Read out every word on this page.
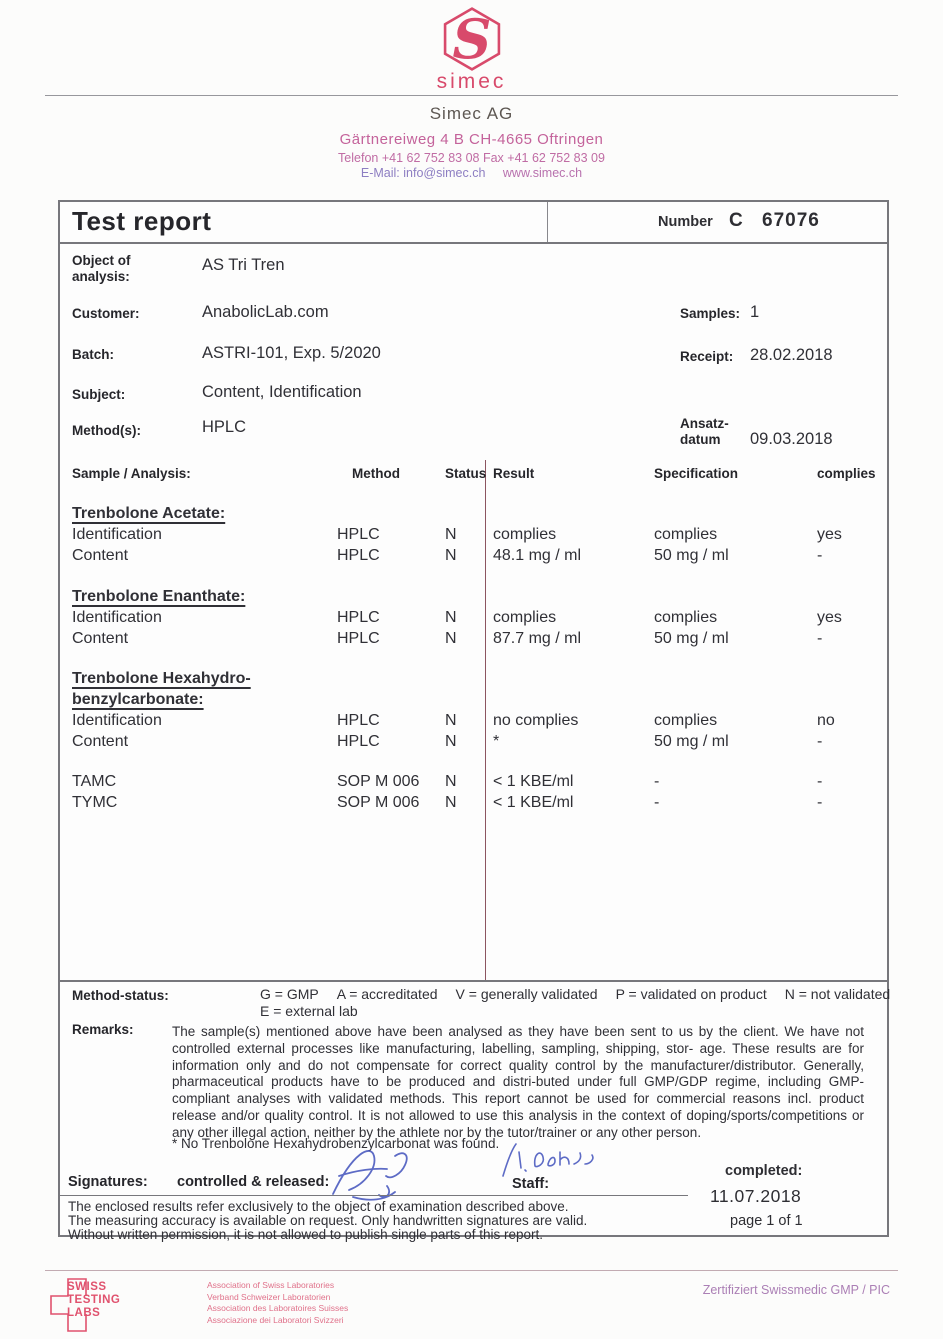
S
simec
Simec AG
Gärtnereiweg 4 B CH-4665 Oftringen
Telefon +41 62 752 83 08 Fax +41 62 752 83 09
E-Mail: info@simec.ch www.simec.ch
Test report	Number C 67076
Object of
analysis:
AS Tri Tren
Customer:	AnabolicLab.com	Samples: 1
Batch:	ASTRI-101, Exp. 5/2020	Receipt: 28.02.2018
Subject:	Content, Identification
Method(s):	HPLC	Ansatz-
datum	09.03.2018
Sample / Analysis:	Method	Status Result	Specification	complies
Trenbolone Acetate:
Identification	HPLC	N	complies	complies	yes
Content	HPLC	N	48.1 mg / ml	50 mg / ml	-
Trenbolone Enanthate:
Identification	HPLC	N	complies	complies	yes
Content	HPLC	N	87.7 mg / ml	50 mg / ml	-
Trenbolone Hexahydro-
benzylcarbonate:
Identification	HPLC	N	no complies	complies	no
Content	HPLC	N	*	50 mg / ml	-
TAMC	SOP M 006	N	< 1 KBE/ml	-	-
TYMC	SOP M 006	N	< 1 KBE/ml	-	-
Method-status:	G = GMP A = accreditated V = generally validated P = validated on product N = not validated
E = external lab
Remarks:	The sample(s) mentioned above have been analysed as they have been sent to us by the client. We have not controlled external processes like manufacturing, labelling, sampling, shipping, stor- age. These results are for information only and do not compensate for correct quality control by the manufacturer/distributor. Generally, pharmaceutical products have to be produced and distri-buted under full GMP/GDP regime, including GMP-compliant analyses with validated methods. This report cannot be used for commercial reasons incl. product release and/or quality control. It is not allowed to use this analysis in the context of doping/sports/competitions or any other illegal action, neither by the athlete nor by the tutor/trainer or any other person.
* No Trenbolone Hexahydrobenzylcarbonat was found.
Signatures: controlled & released:	Staff:
completed:
11.07.2018
page 1 of 1
The enclosed results refer exclusively to the object of examination described above.
The measuring accuracy is available on request. Only handwritten signatures are valid.
Without written permission, it is not allowed to publish single parts of this report.
SWISS
TESTING
LABS
Association of Swiss Laboratories
Verband Schweizer Laboratorien
Association des Laboratoires Suisses
Associazione dei Laboratori Svizzeri
Zertifiziert Swissmedic GMP / PIC
